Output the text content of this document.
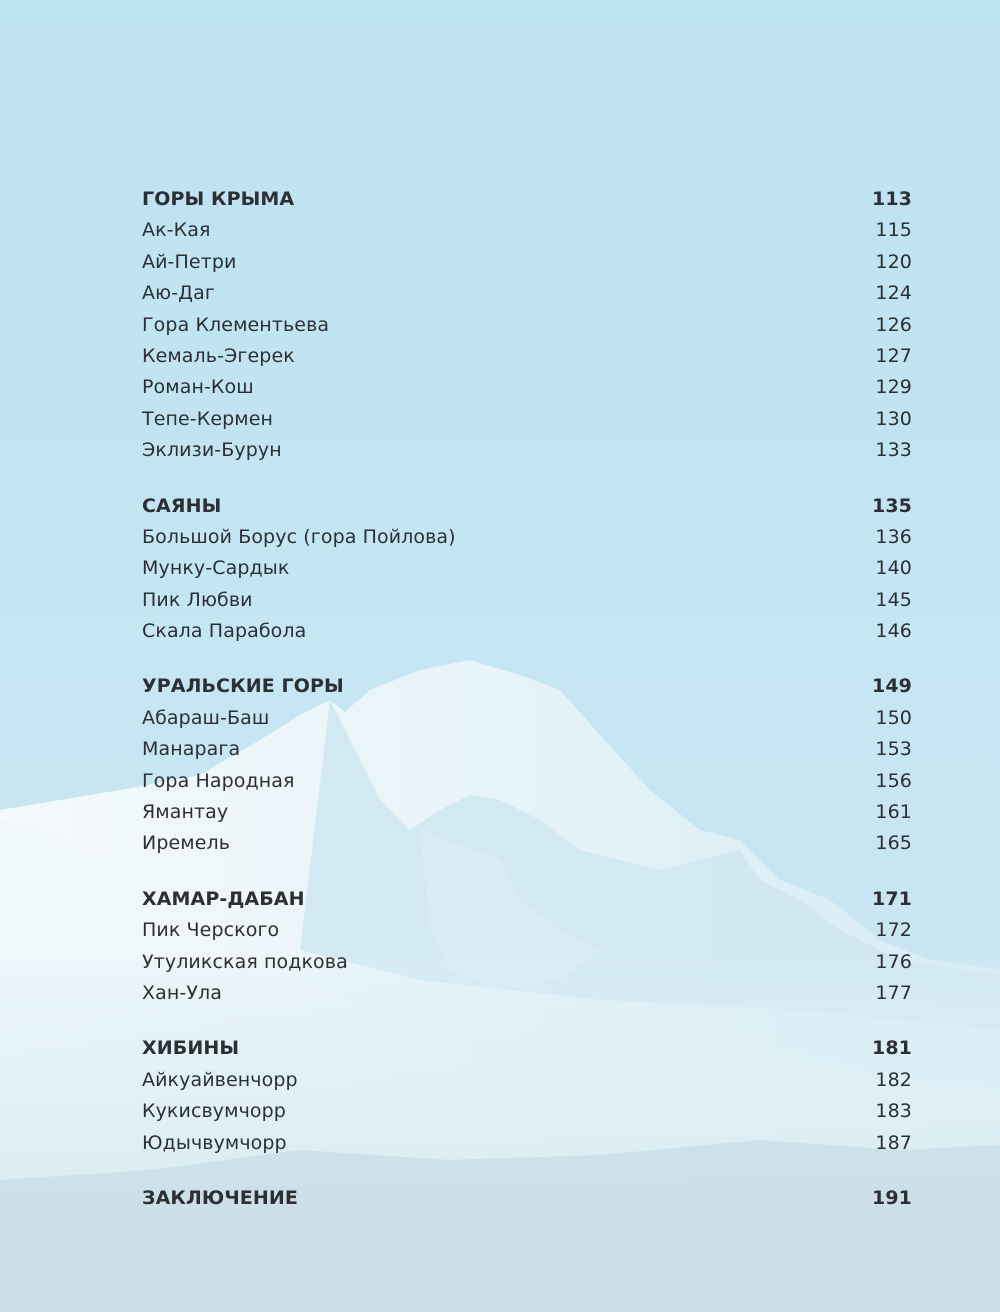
ГОРЫ КРЫМА	113
Ак-Кая	115
Ай-Петри	120
Аю-Даг	124
Гора Клементьева	126
Кемаль-Эгерек	127
Роман-Кош	129
Тепе-Кермен	130
Эклизи-Бурун	133
САЯНЫ	135
Большой Борус (гора Пойлова)	136
Мунку-Сардык	140
Пик Любви	145
Скала Парабола	146
УРАЛЬСКИЕ ГОРЫ	149
Абараш-Баш	150
Манарага	153
Гора Народная	156
Ямантау	161
Иремель	165
ХАМАР-ДАБАН	171
Пик Черского	172
Утуликская подкова	176
Хан-Ула	177
ХИБИНЫ	181
Айкуайвенчорр	182
Кукисвумчорр	183
Юдычвумчорр	187
ЗАКЛЮЧЕНИЕ	191
